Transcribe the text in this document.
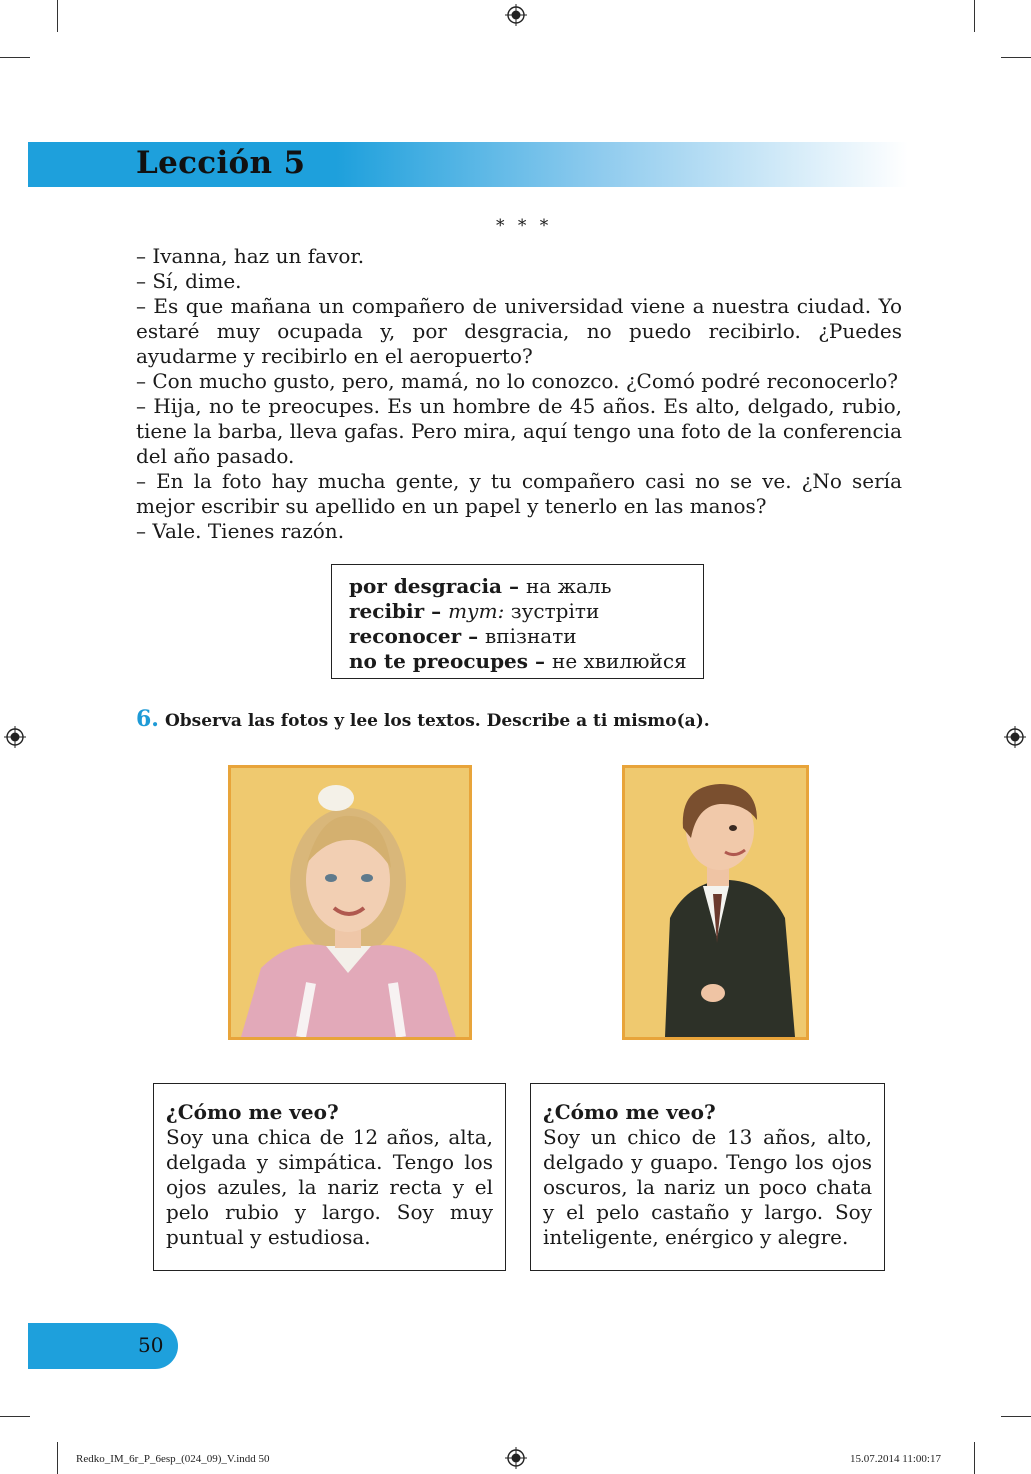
Lección 5
* * *

– Ivanna, haz un favor.

– Sí, dime.

– Es que mañana un compañero de universidad viene a nuestra ciudad. Yo estaré muy ocupada y, por desgracia, no puedo recibirlo. ¿Puedes ayudarme y recibirlo en el aeropuerto?

– Con mucho gusto, pero, mamá, no lo conozco. ¿Comó podré reconocerlo?

– Hija, no te preocupes. Es un hombre de 45 años. Es alto, delgado, rubio, tiene la barba, lleva gafas. Pero mira, aquí tengo una foto de la conferencia del año pasado.

– En la foto hay mucha gente, y tu compañero casi no se ve. ¿No sería mejor escribir su apellido en un papel y tenerlo en las manos?

– Vale. Tienes razón.

por desgracia – на жаль
recibir – тут: зустріти
reconocer – впізнати
no te preocupes – не хвилюйся
6. Observa las fotos y lee los textos. Describe a ti mismo(a).
¿Cómo me veo?
Soy una chica de 12 años, alta, delgada y simpática. Tengo los ojos azules, la nariz recta y el pelo rubio y largo. Soy muy puntual y estudiosa.
¿Cómo me veo?
Soy un chico de 13 años, alto, delgado y guapo. Tengo los ojos oscuros, la nariz un poco chata y el pelo castaño y largo. Soy inteligente, enérgico y alegre.
50
Redko_IM_6r_P_6esp_(024_09)_V.indd 50	15.07.2014 11:00:17
